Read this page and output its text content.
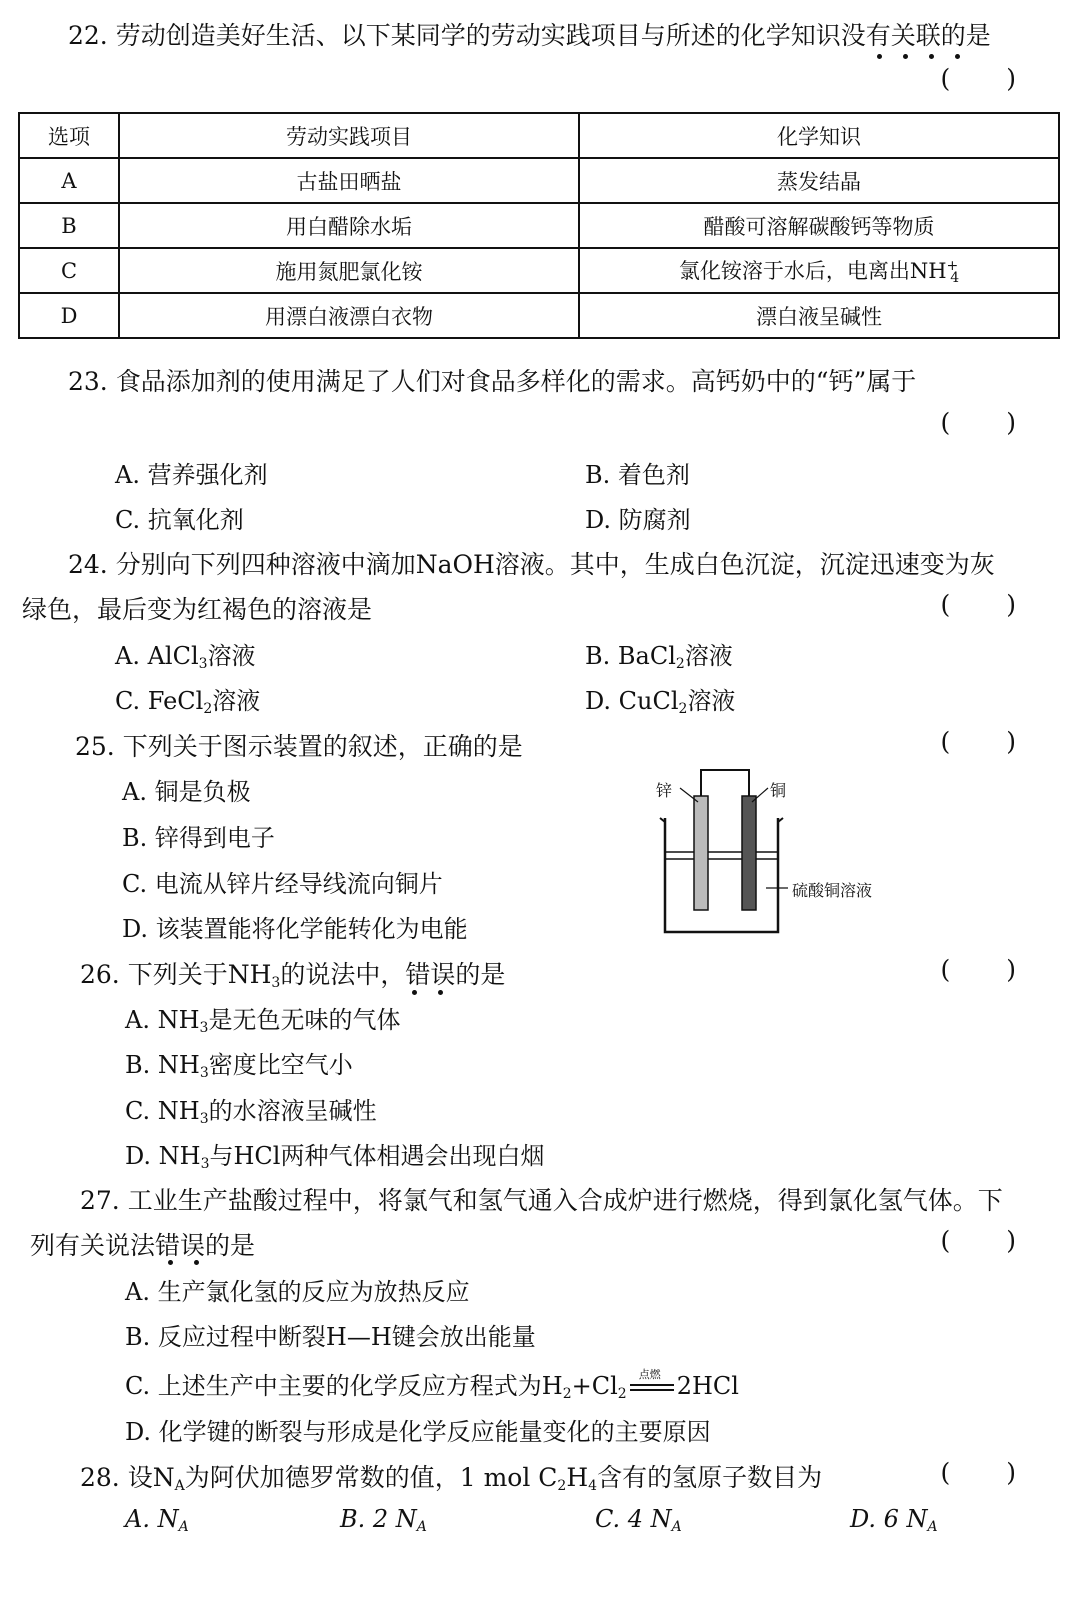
22. 劳动创造美好生活、以下某同学的劳动实践项目与所述的化学知识没有关联的是
( )
选项	劳动实践项目	化学知识
A	古盐田晒盐	蒸发结晶
B	用白醋除水垢	醋酸可溶解碳酸钙等物质
C	施用氮肥氯化铵	氯化铵溶于水后，电离出$NH^+_4$
D	用漂白液漂白衣物	漂白液呈碱性
23. 食品添加剂的使用满足了人们对食品多样化的需求。高钙奶中的“钙”属于
( )
A. 营养强化剂	B. 着色剂
C. 抗氧化剂	D. 防腐剂
24. 分别向下列四种溶液中滴加NaOH溶液。其中，生成白色沉淀，沉淀迅速变为灰
绿色，最后变为红褐色的溶液是	( )
A. AlCl$_3$溶液	B. BaCl$_2$溶液
C. FeCl$_2$溶液	D. CuCl$_2$溶液
25. 下列关于图示装置的叙述，正确的是	( )
A. 铜是负极
B. 锌得到电子
C. 电流从锌片经导线流向铜片
D. 该装置能将化学能转化为电能
锌	铜
硫酸铜溶液
26. 下列关于$NH_3$的说法中，错误的是	( )
A. $NH_3$是无色无味的气体
B. $NH_3$密度比空气小
C. $NH_3$的水溶液呈碱性
D. $NH_3$与HCl两种气体相遇会出现白烟
27. 工业生产盐酸过程中，将氯气和氢气通入合成炉进行燃烧，得到氯化氢气体。下
列有关说法错误的是	( )
A. 生产氯化氢的反应为放热反应
B. 反应过程中断裂H—H键会放出能量
C. 上述生产中主要的化学反应方程式为$H_2+Cl_2$
点燃 2HCl
D. 化学键的断裂与形成是化学反应能量变化的主要原因
28. 设$N_A$为阿伏加德罗常数的值，1 mol $C_2H_4$含有的氢原子数目为	( )
A. $N_A$	B. 2 $N_A$	C. 4 $N_A$	D. 6 $N_A$
